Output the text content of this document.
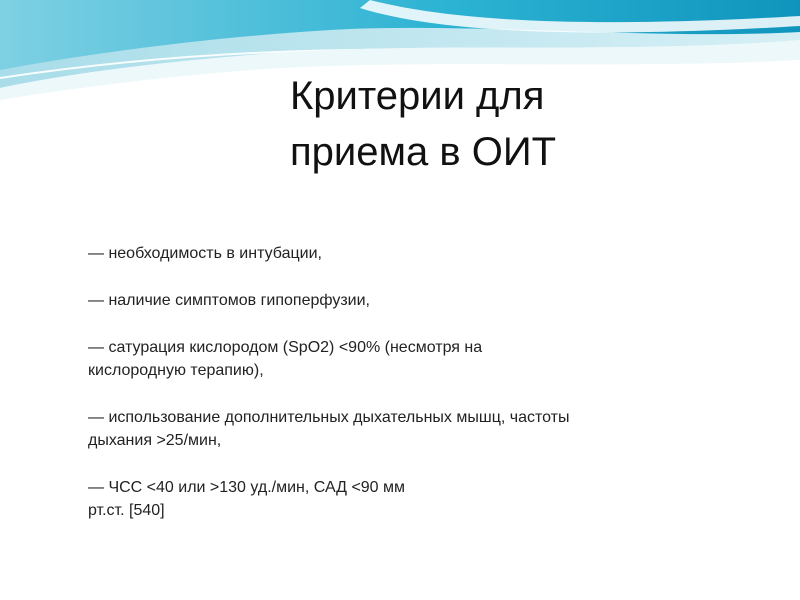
Критерии для
приема в ОИТ
— необходимость в интубации,
— наличие симптомов гипоперфузии,
— сатурация кислородом (SpO2) <90% (несмотря на
кислородную терапию),
— использование дополнительных дыхательных мышц, частоты
дыхания >25/мин,
— ЧСС <40 или >130 уд./мин, САД <90 мм
рт.ст. [540]
